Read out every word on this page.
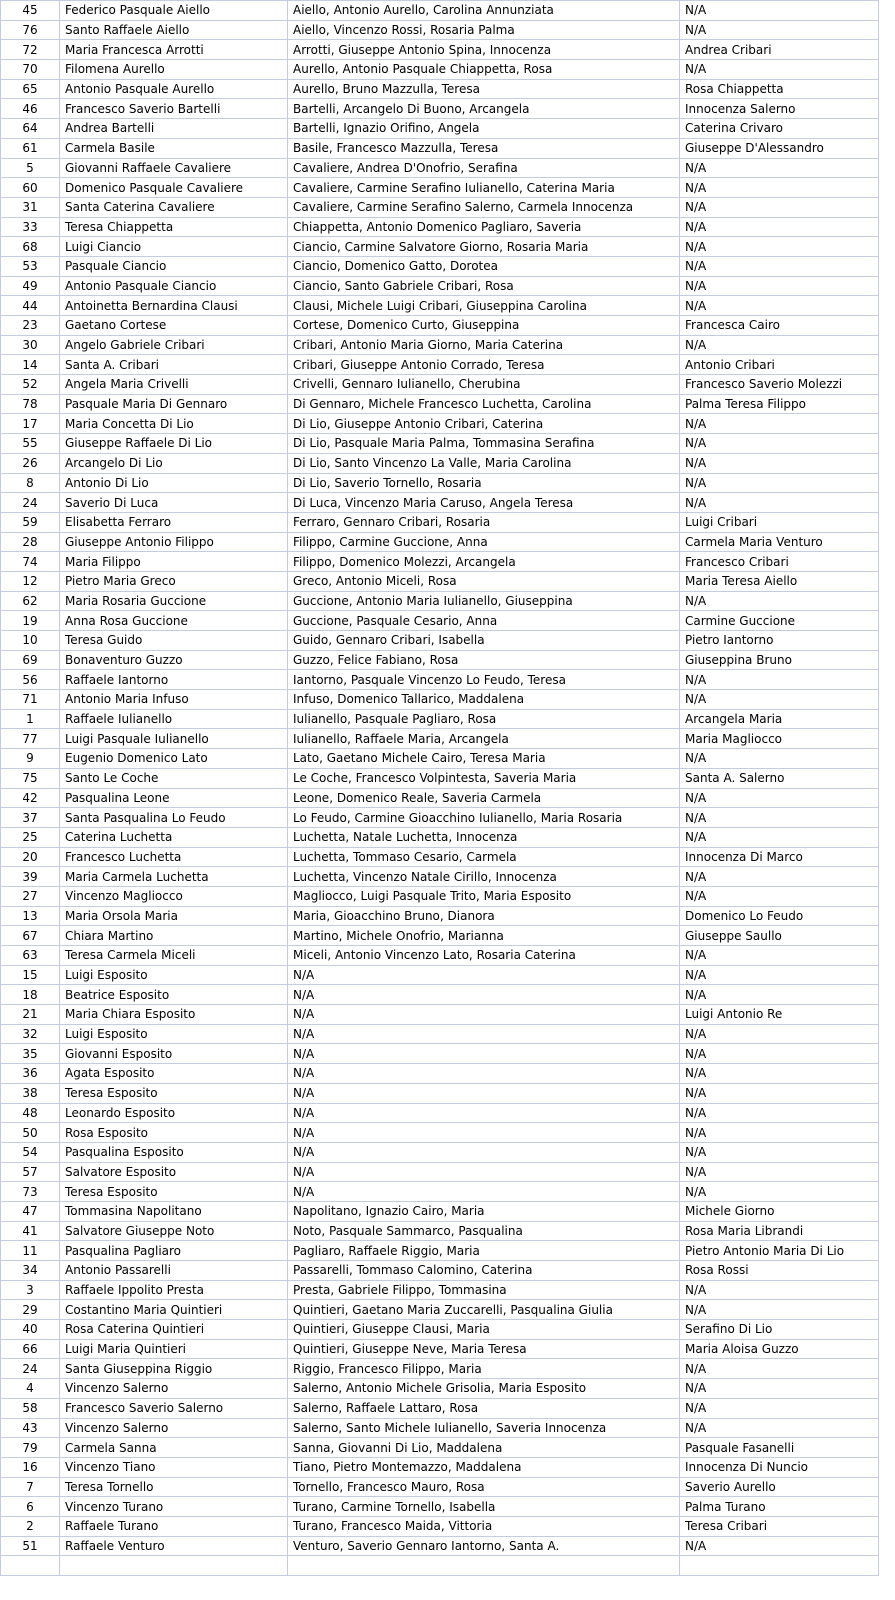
45	Federico Pasquale Aiello	Aiello, Antonio Aurello, Carolina Annunziata	N/A
76	Santo Raffaele Aiello	Aiello, Vincenzo Rossi, Rosaria Palma	N/A
72	Maria Francesca Arrotti	Arrotti, Giuseppe Antonio Spina, Innocenza	Andrea Cribari
70	Filomena Aurello	Aurello, Antonio Pasquale Chiappetta, Rosa	N/A
65	Antonio Pasquale Aurello	Aurello, Bruno Mazzulla, Teresa	Rosa Chiappetta
46	Francesco Saverio Bartelli	Bartelli, Arcangelo Di Buono, Arcangela	Innocenza Salerno
64	Andrea Bartelli	Bartelli, Ignazio Orifino, Angela	Caterina Crivaro
61	Carmela Basile	Basile, Francesco Mazzulla, Teresa	Giuseppe D'Alessandro
5	Giovanni Raffaele Cavaliere	Cavaliere, Andrea D'Onofrio, Serafina	N/A
60	Domenico Pasquale Cavaliere	Cavaliere, Carmine Serafino Iulianello, Caterina Maria	N/A
31	Santa Caterina Cavaliere	Cavaliere, Carmine Serafino Salerno, Carmela Innocenza	N/A
33	Teresa Chiappetta	Chiappetta, Antonio Domenico Pagliaro, Saveria	N/A
68	Luigi Ciancio	Ciancio, Carmine Salvatore Giorno, Rosaria Maria	N/A
53	Pasquale Ciancio	Ciancio, Domenico Gatto, Dorotea	N/A
49	Antonio Pasquale Ciancio	Ciancio, Santo Gabriele Cribari, Rosa	N/A
44	Antoinetta Bernardina Clausi	Clausi, Michele Luigi Cribari, Giuseppina Carolina	N/A
23	Gaetano Cortese	Cortese, Domenico Curto, Giuseppina	Francesca Cairo
30	Angelo Gabriele Cribari	Cribari, Antonio Maria Giorno, Maria Caterina	N/A
14	Santa A. Cribari	Cribari, Giuseppe Antonio Corrado, Teresa	Antonio Cribari
52	Angela Maria Crivelli	Crivelli, Gennaro Iulianello, Cherubina	Francesco Saverio Molezzi
78	Pasquale Maria Di Gennaro	Di Gennaro, Michele Francesco Luchetta, Carolina	Palma Teresa Filippo
17	Maria Concetta Di Lio	Di Lio, Giuseppe Antonio Cribari, Caterina	N/A
55	Giuseppe Raffaele Di Lio	Di Lio, Pasquale Maria Palma, Tommasina Serafina	N/A
26	Arcangelo Di Lio	Di Lio, Santo Vincenzo La Valle, Maria Carolina	N/A
8	Antonio Di Lio	Di Lio, Saverio Tornello, Rosaria	N/A
24	Saverio Di Luca	Di Luca, Vincenzo Maria Caruso, Angela Teresa	N/A
59	Elisabetta Ferraro	Ferraro, Gennaro Cribari, Rosaria	Luigi Cribari
28	Giuseppe Antonio Filippo	Filippo, Carmine Guccione, Anna	Carmela Maria Venturo
74	Maria Filippo	Filippo, Domenico Molezzi, Arcangela	Francesco Cribari
12	Pietro Maria Greco	Greco, Antonio Miceli, Rosa	Maria Teresa Aiello
62	Maria Rosaria Guccione	Guccione, Antonio Maria Iulianello, Giuseppina	N/A
19	Anna Rosa Guccione	Guccione, Pasquale Cesario, Anna	Carmine Guccione
10	Teresa Guido	Guido, Gennaro Cribari, Isabella	Pietro Iantorno
69	Bonaventuro Guzzo	Guzzo, Felice Fabiano, Rosa	Giuseppina Bruno
56	Raffaele Iantorno	Iantorno, Pasquale Vincenzo Lo Feudo, Teresa	N/A
71	Antonio Maria Infuso	Infuso, Domenico Tallarico, Maddalena	N/A
1	Raffaele Iulianello	Iulianello, Pasquale Pagliaro, Rosa	Arcangela Maria
77	Luigi Pasquale Iulianello	Iulianello, Raffaele Maria, Arcangela	Maria Magliocco
9	Eugenio Domenico Lato	Lato, Gaetano Michele Cairo, Teresa Maria	N/A
75	Santo Le Coche	Le Coche, Francesco Volpintesta, Saveria Maria	Santa A. Salerno
42	Pasqualina Leone	Leone, Domenico Reale, Saveria Carmela	N/A
37	Santa Pasqualina Lo Feudo	Lo Feudo, Carmine Gioacchino Iulianello, Maria Rosaria	N/A
25	Caterina Luchetta	Luchetta, Natale Luchetta, Innocenza	N/A
20	Francesco Luchetta	Luchetta, Tommaso Cesario, Carmela	Innocenza Di Marco
39	Maria Carmela Luchetta	Luchetta, Vincenzo Natale Cirillo, Innocenza	N/A
27	Vincenzo Magliocco	Magliocco, Luigi Pasquale Trito, Maria Esposito	N/A
13	Maria Orsola Maria	Maria, Gioacchino Bruno, Dianora	Domenico Lo Feudo
67	Chiara Martino	Martino, Michele Onofrio, Marianna	Giuseppe Saullo
63	Teresa Carmela Miceli	Miceli, Antonio Vincenzo Lato, Rosaria Caterina	N/A
15	Luigi Esposito	N/A	N/A
18	Beatrice Esposito	N/A	N/A
21	Maria Chiara Esposito	N/A	Luigi Antonio Re
32	Luigi Esposito	N/A	N/A
35	Giovanni Esposito	N/A	N/A
36	Agata Esposito	N/A	N/A
38	Teresa Esposito	N/A	N/A
48	Leonardo Esposito	N/A	N/A
50	Rosa Esposito	N/A	N/A
54	Pasqualina Esposito	N/A	N/A
57	Salvatore Esposito	N/A	N/A
73	Teresa Esposito	N/A	N/A
47	Tommasina Napolitano	Napolitano, Ignazio Cairo, Maria	Michele Giorno
41	Salvatore Giuseppe Noto	Noto, Pasquale Sammarco, Pasqualina	Rosa Maria Librandi
11	Pasqualina Pagliaro	Pagliaro, Raffaele Riggio, Maria	Pietro Antonio Maria Di Lio
34	Antonio Passarelli	Passarelli, Tommaso Calomino, Caterina	Rosa Rossi
3	Raffaele Ippolito Presta	Presta, Gabriele Filippo, Tommasina	N/A
29	Costantino Maria Quintieri	Quintieri, Gaetano Maria Zuccarelli, Pasqualina Giulia	N/A
40	Rosa Caterina Quintieri	Quintieri, Giuseppe Clausi, Maria	Serafino Di Lio
66	Luigi Maria Quintieri	Quintieri, Giuseppe Neve, Maria Teresa	Maria Aloisa Guzzo
24	Santa Giuseppina Riggio	Riggio, Francesco Filippo, Maria	N/A
4	Vincenzo Salerno	Salerno, Antonio Michele Grisolia, Maria Esposito	N/A
58	Francesco Saverio Salerno	Salerno, Raffaele Lattaro, Rosa	N/A
43	Vincenzo Salerno	Salerno, Santo Michele Iulianello, Saveria Innocenza	N/A
79	Carmela Sanna	Sanna, Giovanni Di Lio, Maddalena	Pasquale Fasanelli
16	Vincenzo Tiano	Tiano, Pietro Montemazzo, Maddalena	Innocenza Di Nuncio
7	Teresa Tornello	Tornello, Francesco Mauro, Rosa	Saverio Aurello
6	Vincenzo Turano	Turano, Carmine Tornello, Isabella	Palma Turano
2	Raffaele Turano	Turano, Francesco Maida, Vittoria	Teresa Cribari
51	Raffaele Venturo	Venturo, Saverio Gennaro Iantorno, Santa A.	N/A
